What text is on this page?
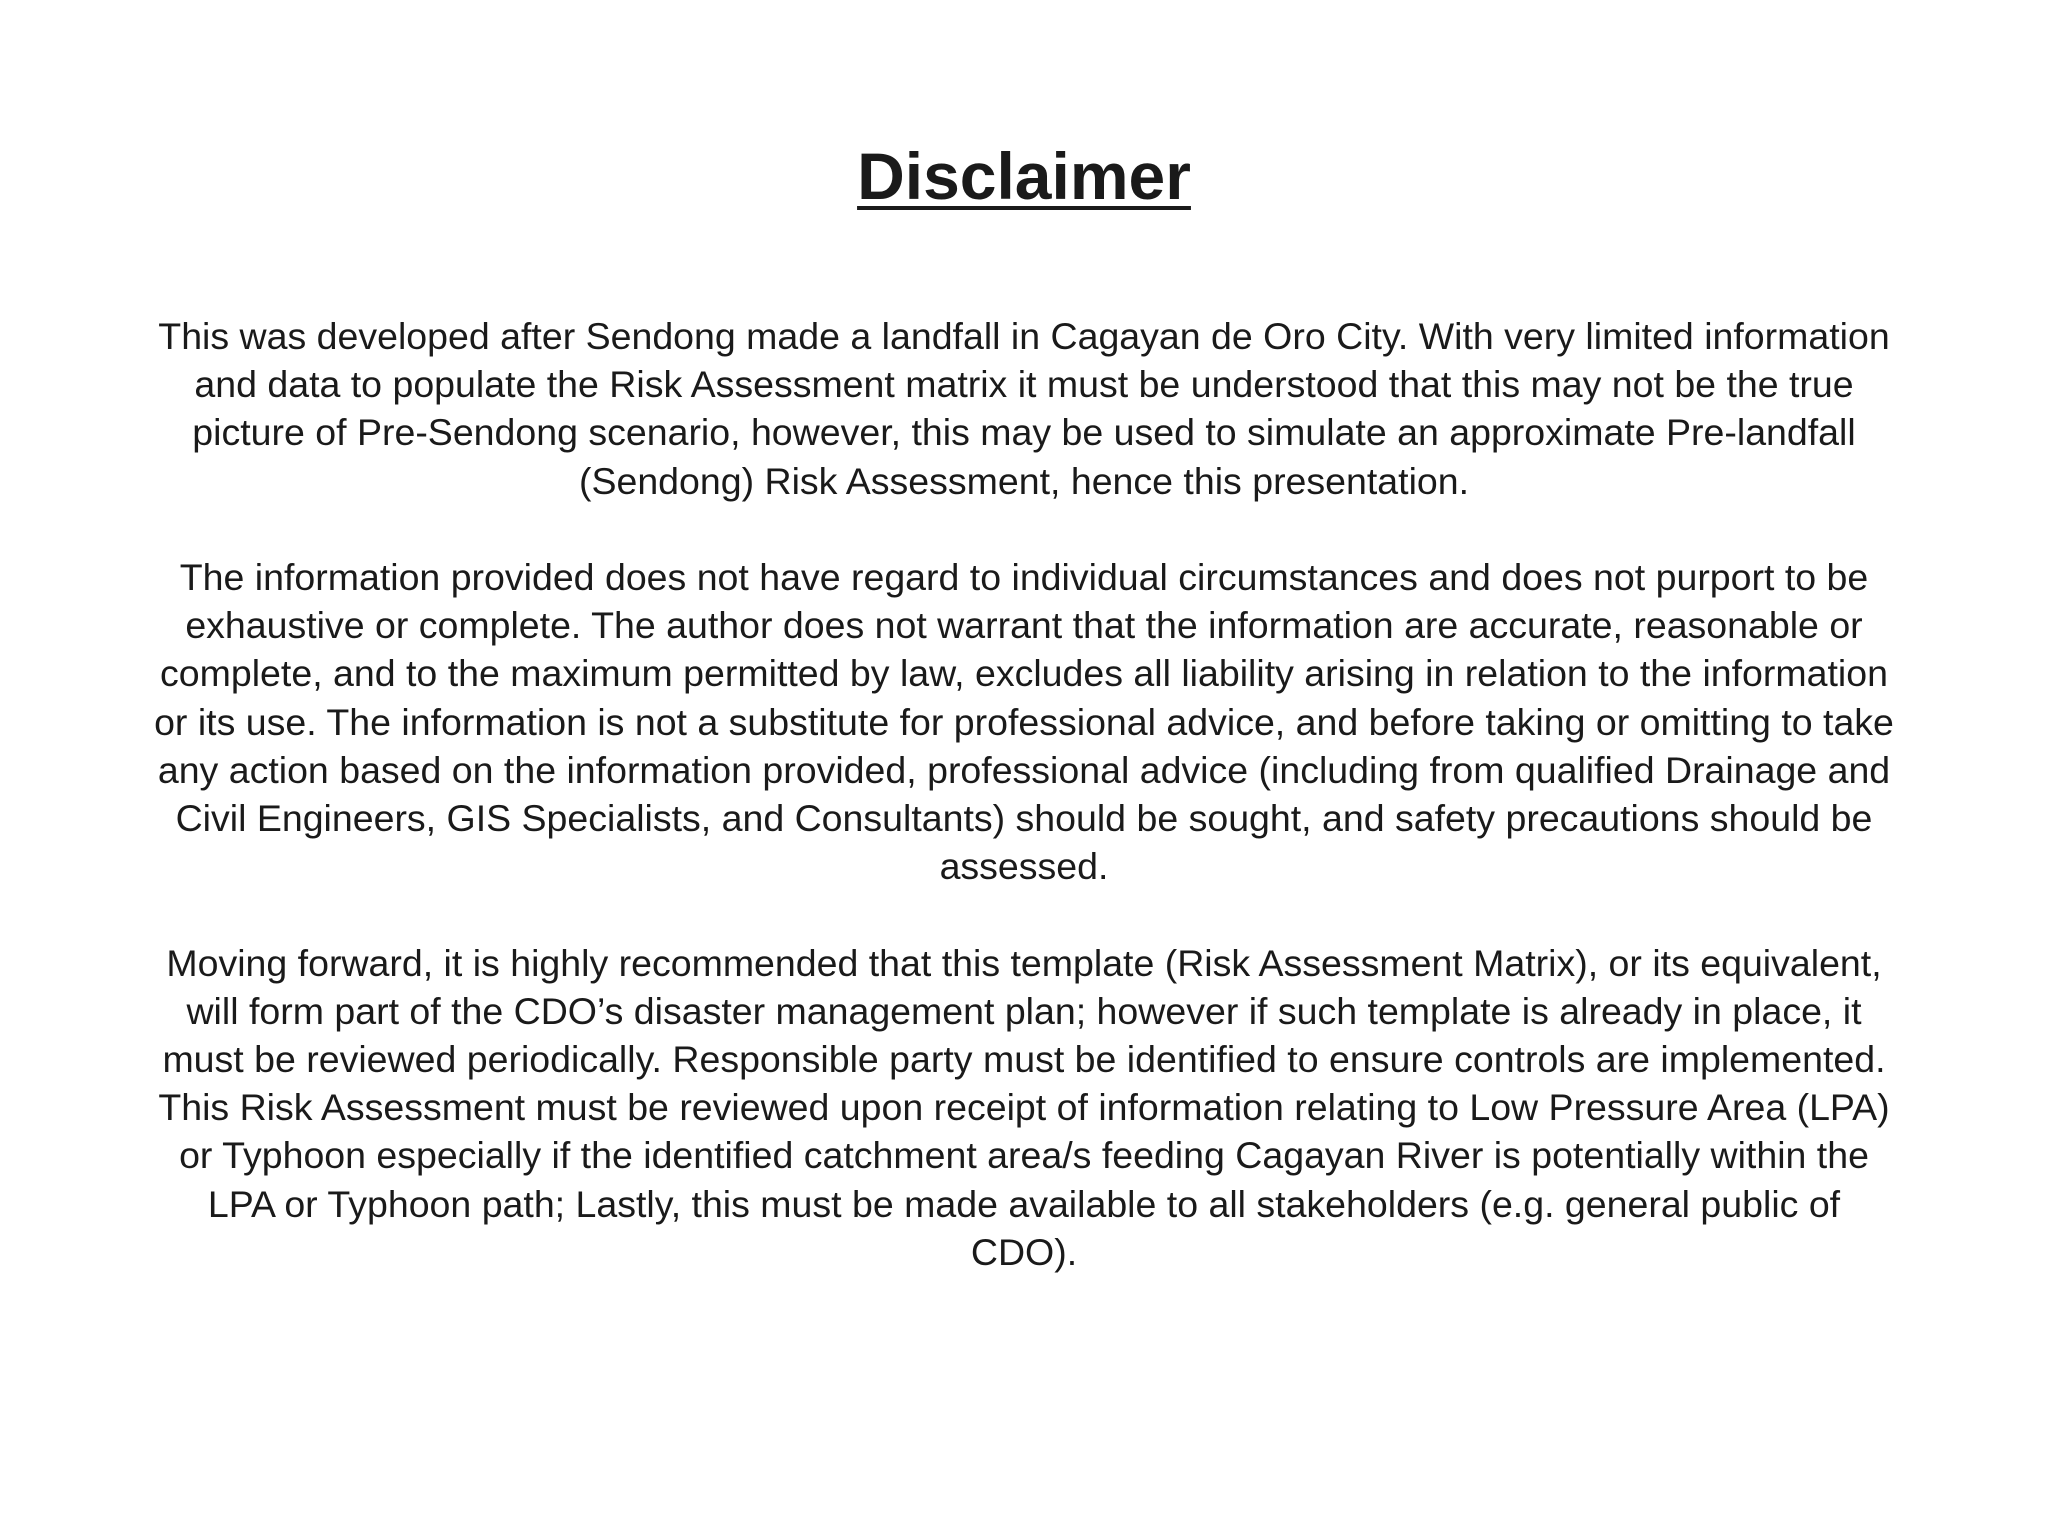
Disclaimer

This was developed after Sendong made a landfall in Cagayan de Oro City. With very limited information
and data to populate the Risk Assessment matrix it must be understood that this may not be the true
picture of Pre-Sendong scenario, however, this may be used to simulate an approximate Pre-landfall
(Sendong) Risk Assessment, hence this presentation.

The information provided does not have regard to individual circumstances and does not purport to be
exhaustive or complete. The author does not warrant that the information are accurate, reasonable or
complete, and to the maximum permitted by law, excludes all liability arising in relation to the information
or its use. The information is not a substitute for professional advice, and before taking or omitting to take
any action based on the information provided, professional advice (including from qualified Drainage and
Civil Engineers, GIS Specialists, and Consultants) should be sought, and safety precautions should be
assessed.

Moving forward, it is highly recommended that this template (Risk Assessment Matrix), or its equivalent,
will form part of the CDO’s disaster management plan; however if such template is already in place, it
must be reviewed periodically. Responsible party must be identified to ensure controls are implemented.
This Risk Assessment must be reviewed upon receipt of information relating to Low Pressure Area (LPA)
or Typhoon especially if the identified catchment area/s feeding Cagayan River is potentially within the
LPA or Typhoon path; Lastly, this must be made available to all stakeholders (e.g. general public of
CDO).
